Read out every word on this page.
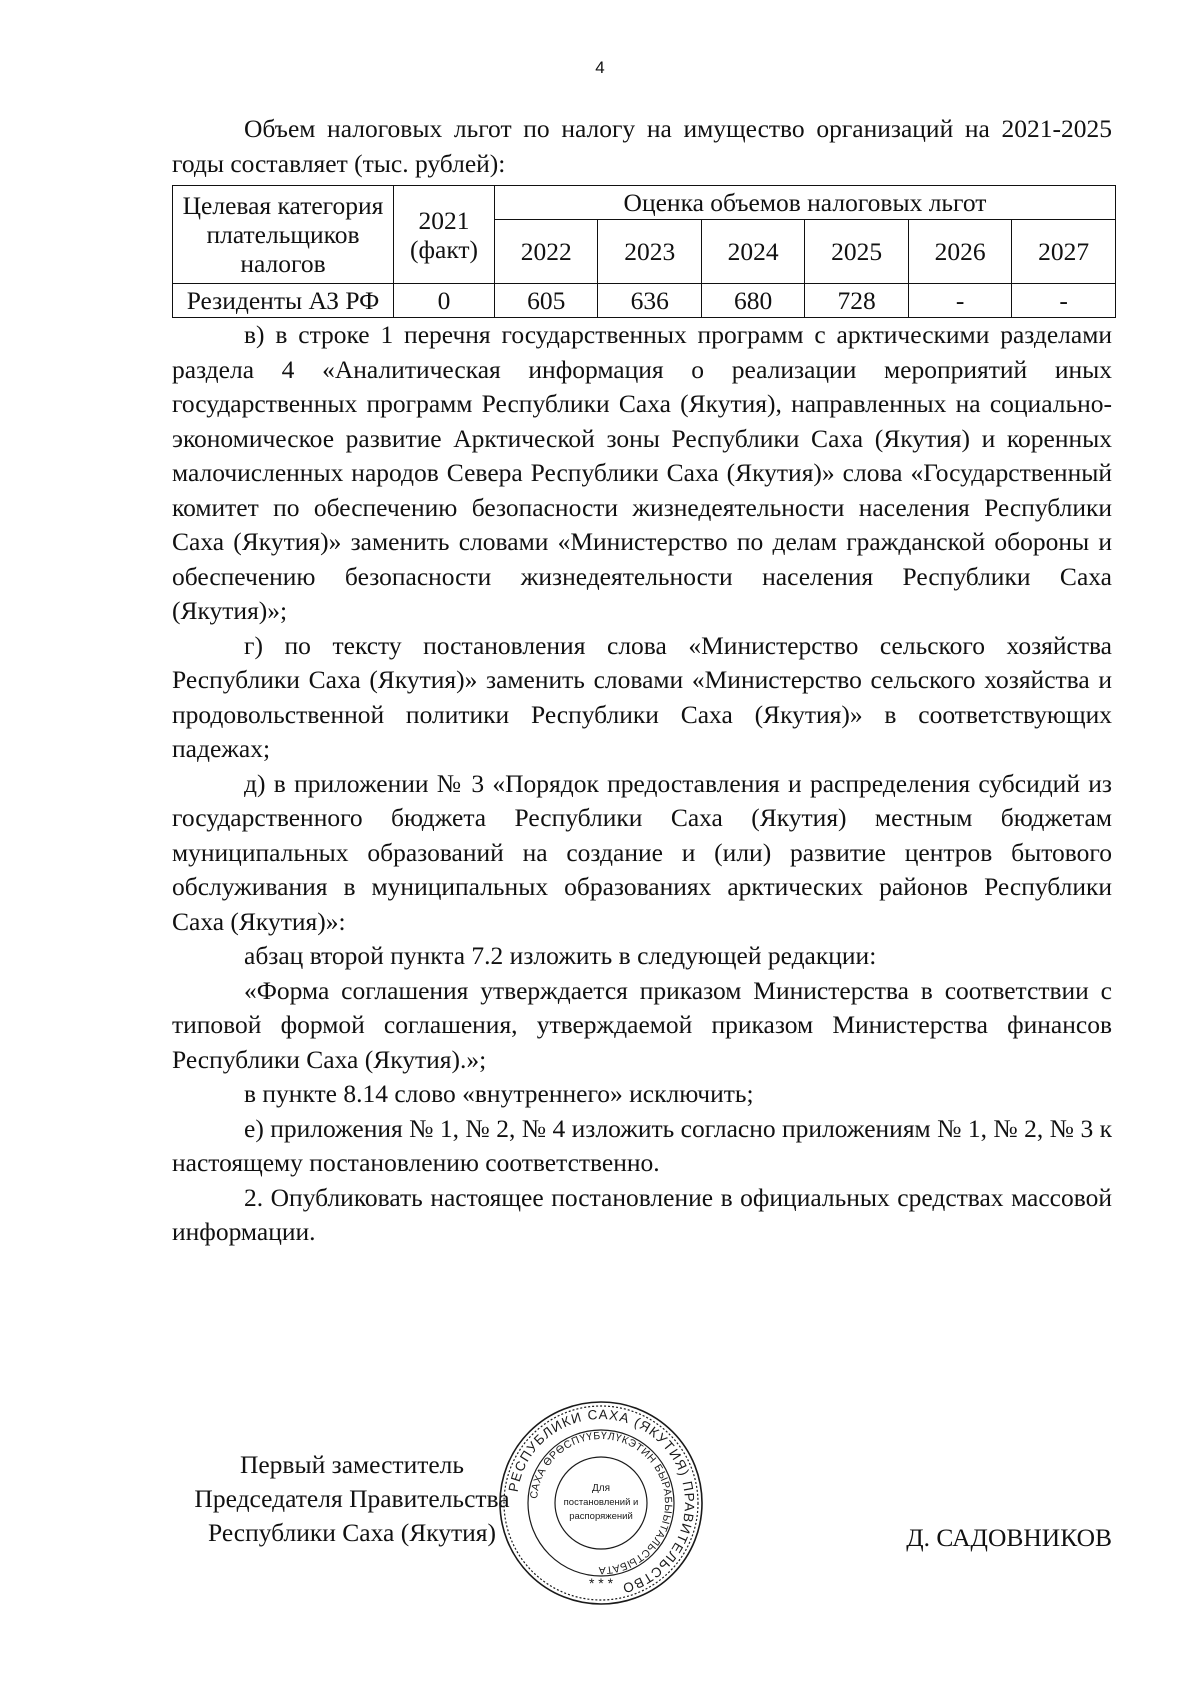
4

Объем налоговых льгот по налогу на имущество организаций на 2021-2025 годы составляет (тыс. рублей):

Целевая категория плательщиков налогов	2021 (факт)	Оценка объемов налоговых льгот					
		2022	2023	2024	2025	2026	2027
Резиденты АЗ РФ	0	605	636	680	728	-	-

в) в строке 1 перечня государственных программ с арктическими разделами раздела 4 «Аналитическая информация о реализации мероприятий иных государственных программ Республики Саха (Якутия), направленных на социально-экономическое развитие Арктической зоны Республики Саха (Якутия) и коренных малочисленных народов Севера Республики Саха (Якутия)» слова «Государственный комитет по обеспечению безопасности жизнедеятельности населения Республики Саха (Якутия)» заменить словами «Министерство по делам гражданской обороны и обеспечению безопасности жизнедеятельности населения Республики Саха (Якутия)»;

г) по тексту постановления слова «Министерство сельского хозяйства Республики Саха (Якутия)» заменить словами «Министерство сельского хозяйства и продовольственной политики Республики Саха (Якутия)» в соответствующих падежах;

д) в приложении № 3 «Порядок предоставления и распределения субсидий из государственного бюджета Республики Саха (Якутия) местным бюджетам муниципальных образований на создание и (или) развитие центров бытового обслуживания в муниципальных образованиях арктических районов Республики Саха (Якутия)»:

абзац второй пункта 7.2 изложить в следующей редакции:

«Форма соглашения утверждается приказом Министерства в соответствии с типовой формой соглашения, утверждаемой приказом Министерства финансов Республики Саха (Якутия).»;

в пункте 8.14 слово «внутреннего» исключить;

е) приложения № 1, № 2, № 4 изложить согласно приложениям № 1, № 2, № 3 к настоящему постановлению соответственно.

2. Опубликовать настоящее постановление в официальных средствах массовой информации.

Первый заместитель
Председателя Правительства
Республики Саха (Якутия)	Д. САДОВНИКОВ
РЕСПУБЛИКИ САХА (ЯКУТИЯ) ПРАВИТЕЛЬСТВО
САХА ӨРӨСПҮҮБҮЛҮКЭТИН БЫРАБЫЫТАЛЬСТЫБАТА
Для
постановлений и
распоряжений
* * *
